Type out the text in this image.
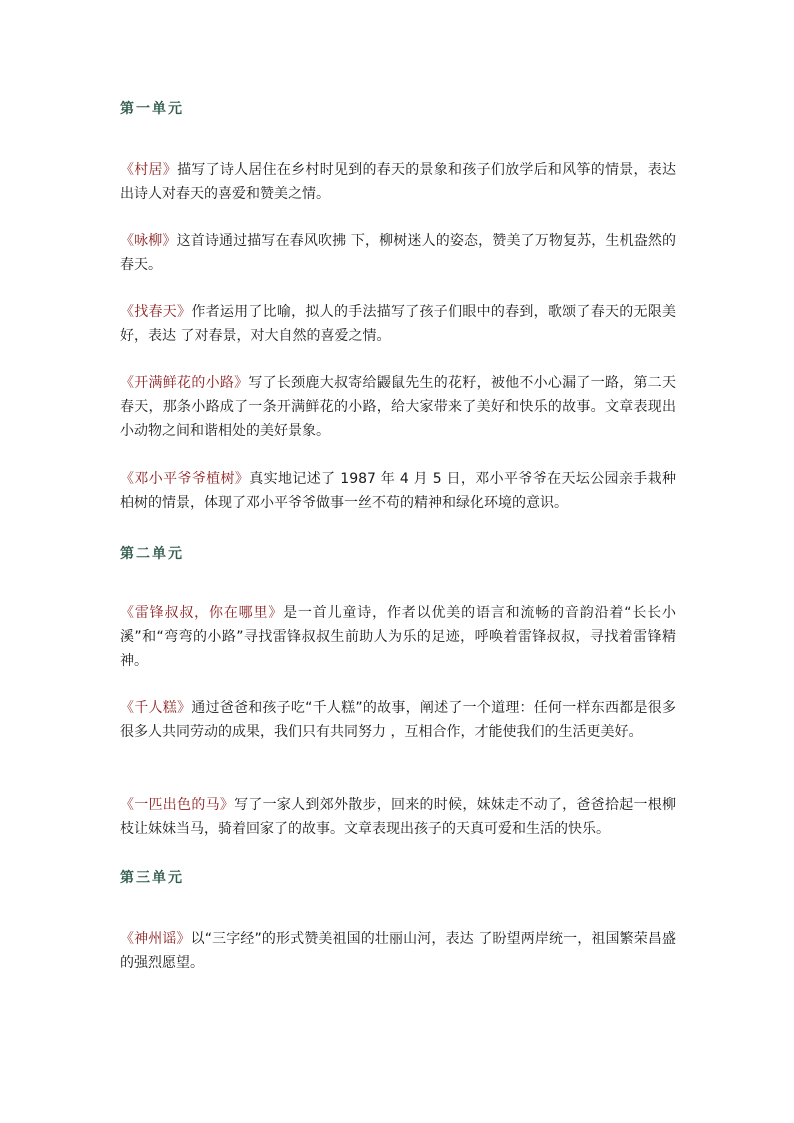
第一单元

《村居》描写了诗人居住在乡村时见到的春天的景象和孩子们放学后和风筝的情景，表达 出诗人对春天的喜爱和赞美之情。

《咏柳》这首诗通过描写在春风吹拂 下，柳树迷人的姿态，赞美了万物复苏，生机盎然的春天。

《找春天》作者运用了比喻，拟人的手法描写了孩子们眼中的春到，歌颂了春天的无限美好，表达 了对春景，对大自然的喜爱之情。

《开满鲜花的小路》写了长颈鹿大叔寄给鼹鼠先生的花籽，被他不小心漏了一路，第二天春天，那条小路成了一条开满鲜花的小路，给大家带来了美好和快乐的故事。文章表现出小动物之间和谐相处的美好景象。

《邓小平爷爷植树》真实地记述了 1987 年 4 月 5 日，邓小平爷爷在天坛公园亲手栽种柏树的情景，体现了邓小平爷爷做事一丝不苟的精神和绿化环境的意识。

第二单元

《雷锋叔叔，你在哪里》是一首儿童诗，作者以优美的语言和流畅的音韵沿着“长长小溪”和“弯弯的小路”寻找雷锋叔叔生前助人为乐的足迹，呼唤着雷锋叔叔，寻找着雷锋精神。

《千人糕》通过爸爸和孩子吃“千人糕”的故事，阐述了一个道理：任何一样东西都是很多很多人共同劳动的成果，我们只有共同努力 ，互相合作，才能使我们的生活更美好。

《一匹出色的马》写了一家人到郊外散步，回来的时候，妹妹走不动了，爸爸拾起一根柳枝让妹妹当马，骑着回家了的故事。文章表现出孩子的天真可爱和生活的快乐。

第三单元

《神州谣》以“三字经”的形式赞美祖国的壮丽山河，表达 了盼望两岸统一，祖国繁荣昌盛的强烈愿望。
